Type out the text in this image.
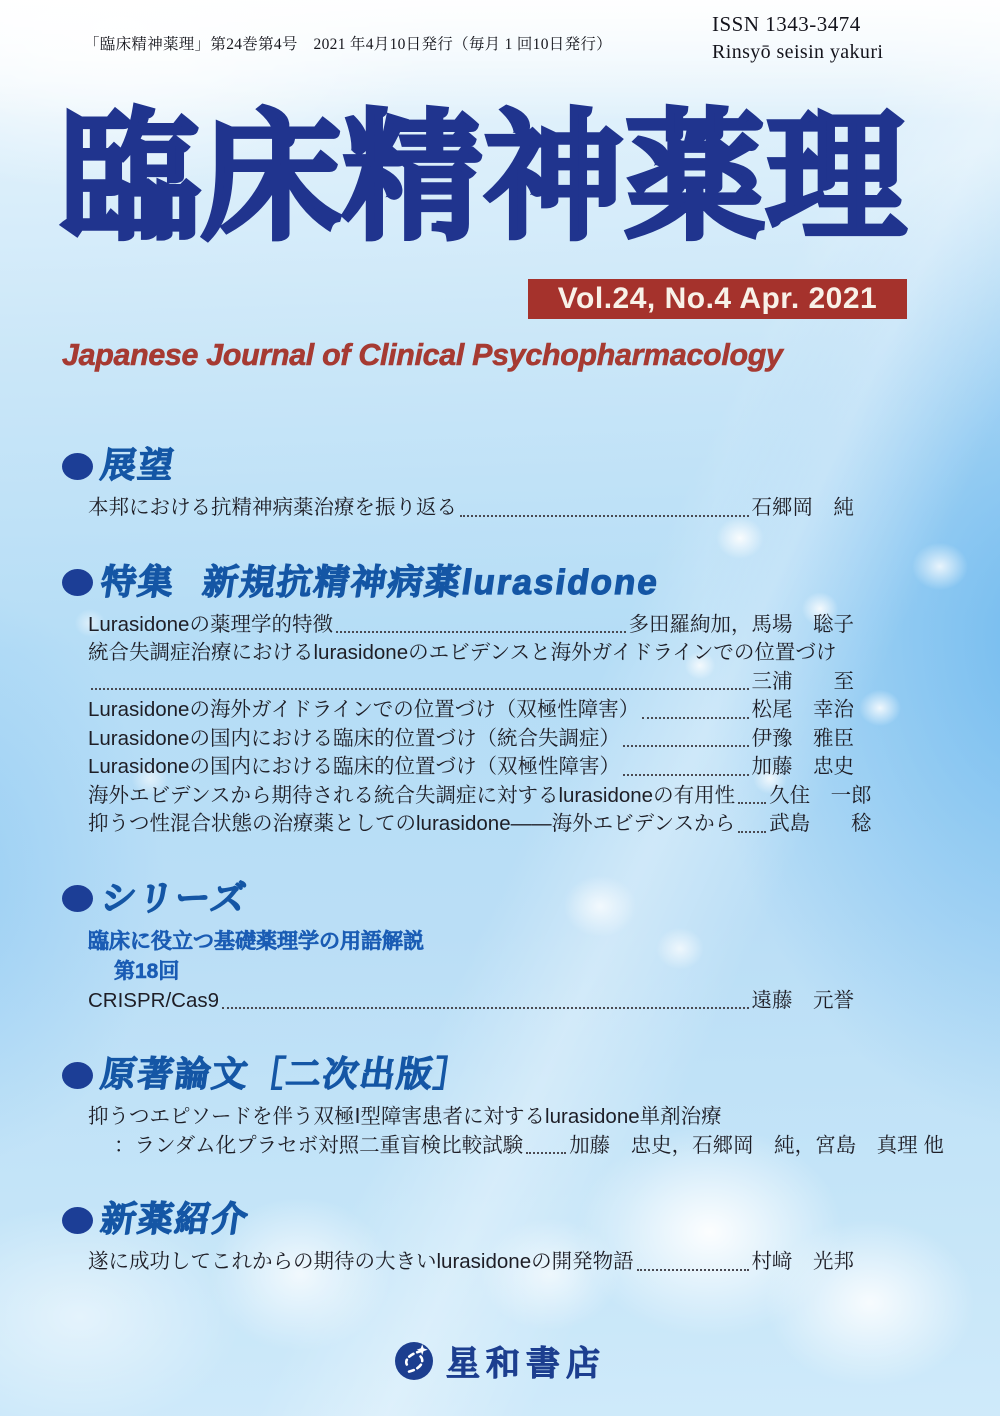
「臨床精神薬理」第24巻第4号　2021 年4月10日発行（毎月 1 回10日発行）
ISSN 1343-3474
Rinsyō seisin yakuri
臨床精神薬理
Vol.24, No.4 Apr. 2021
Japanese Journal of Clinical Psychopharmacology
展望
本邦における抗精神病薬治療を振り返る	石郷岡　純
特集 新規抗精神病薬lurasidone
Lurasidoneの薬理学的特徴	多田羅絢加，馬場　聡子
統合失調症治療におけるlurasidoneのエビデンスと海外ガイドラインでの位置づけ
三浦　　至
Lurasidoneの海外ガイドラインでの位置づけ（双極性障害）	松尾　幸治
Lurasidoneの国内における臨床的位置づけ（統合失調症）	伊豫　雅臣
Lurasidoneの国内における臨床的位置づけ（双極性障害）	加藤　忠史
海外エビデンスから期待される統合失調症に対するlurasidoneの有用性 久住　一郎
抑うつ性混合状態の治療薬としてのlurasidone——海外エビデンスから 武島　　稔
シリーズ
臨床に役立つ基礎薬理学の用語解説
第18回
CRISPR/Cas9	遠藤　元誉
原著論文［二次出版］
抑うつエピソードを伴う双極Ⅰ型障害患者に対するlurasidone単剤治療
：ランダム化プラセボ対照二重盲検比較試験 加藤　忠史，石郷岡　純，宮島　真理 他
新薬紹介
遂に成功してこれからの期待の大きいlurasidoneの開発物語	村﨑　光邦
星和書店
